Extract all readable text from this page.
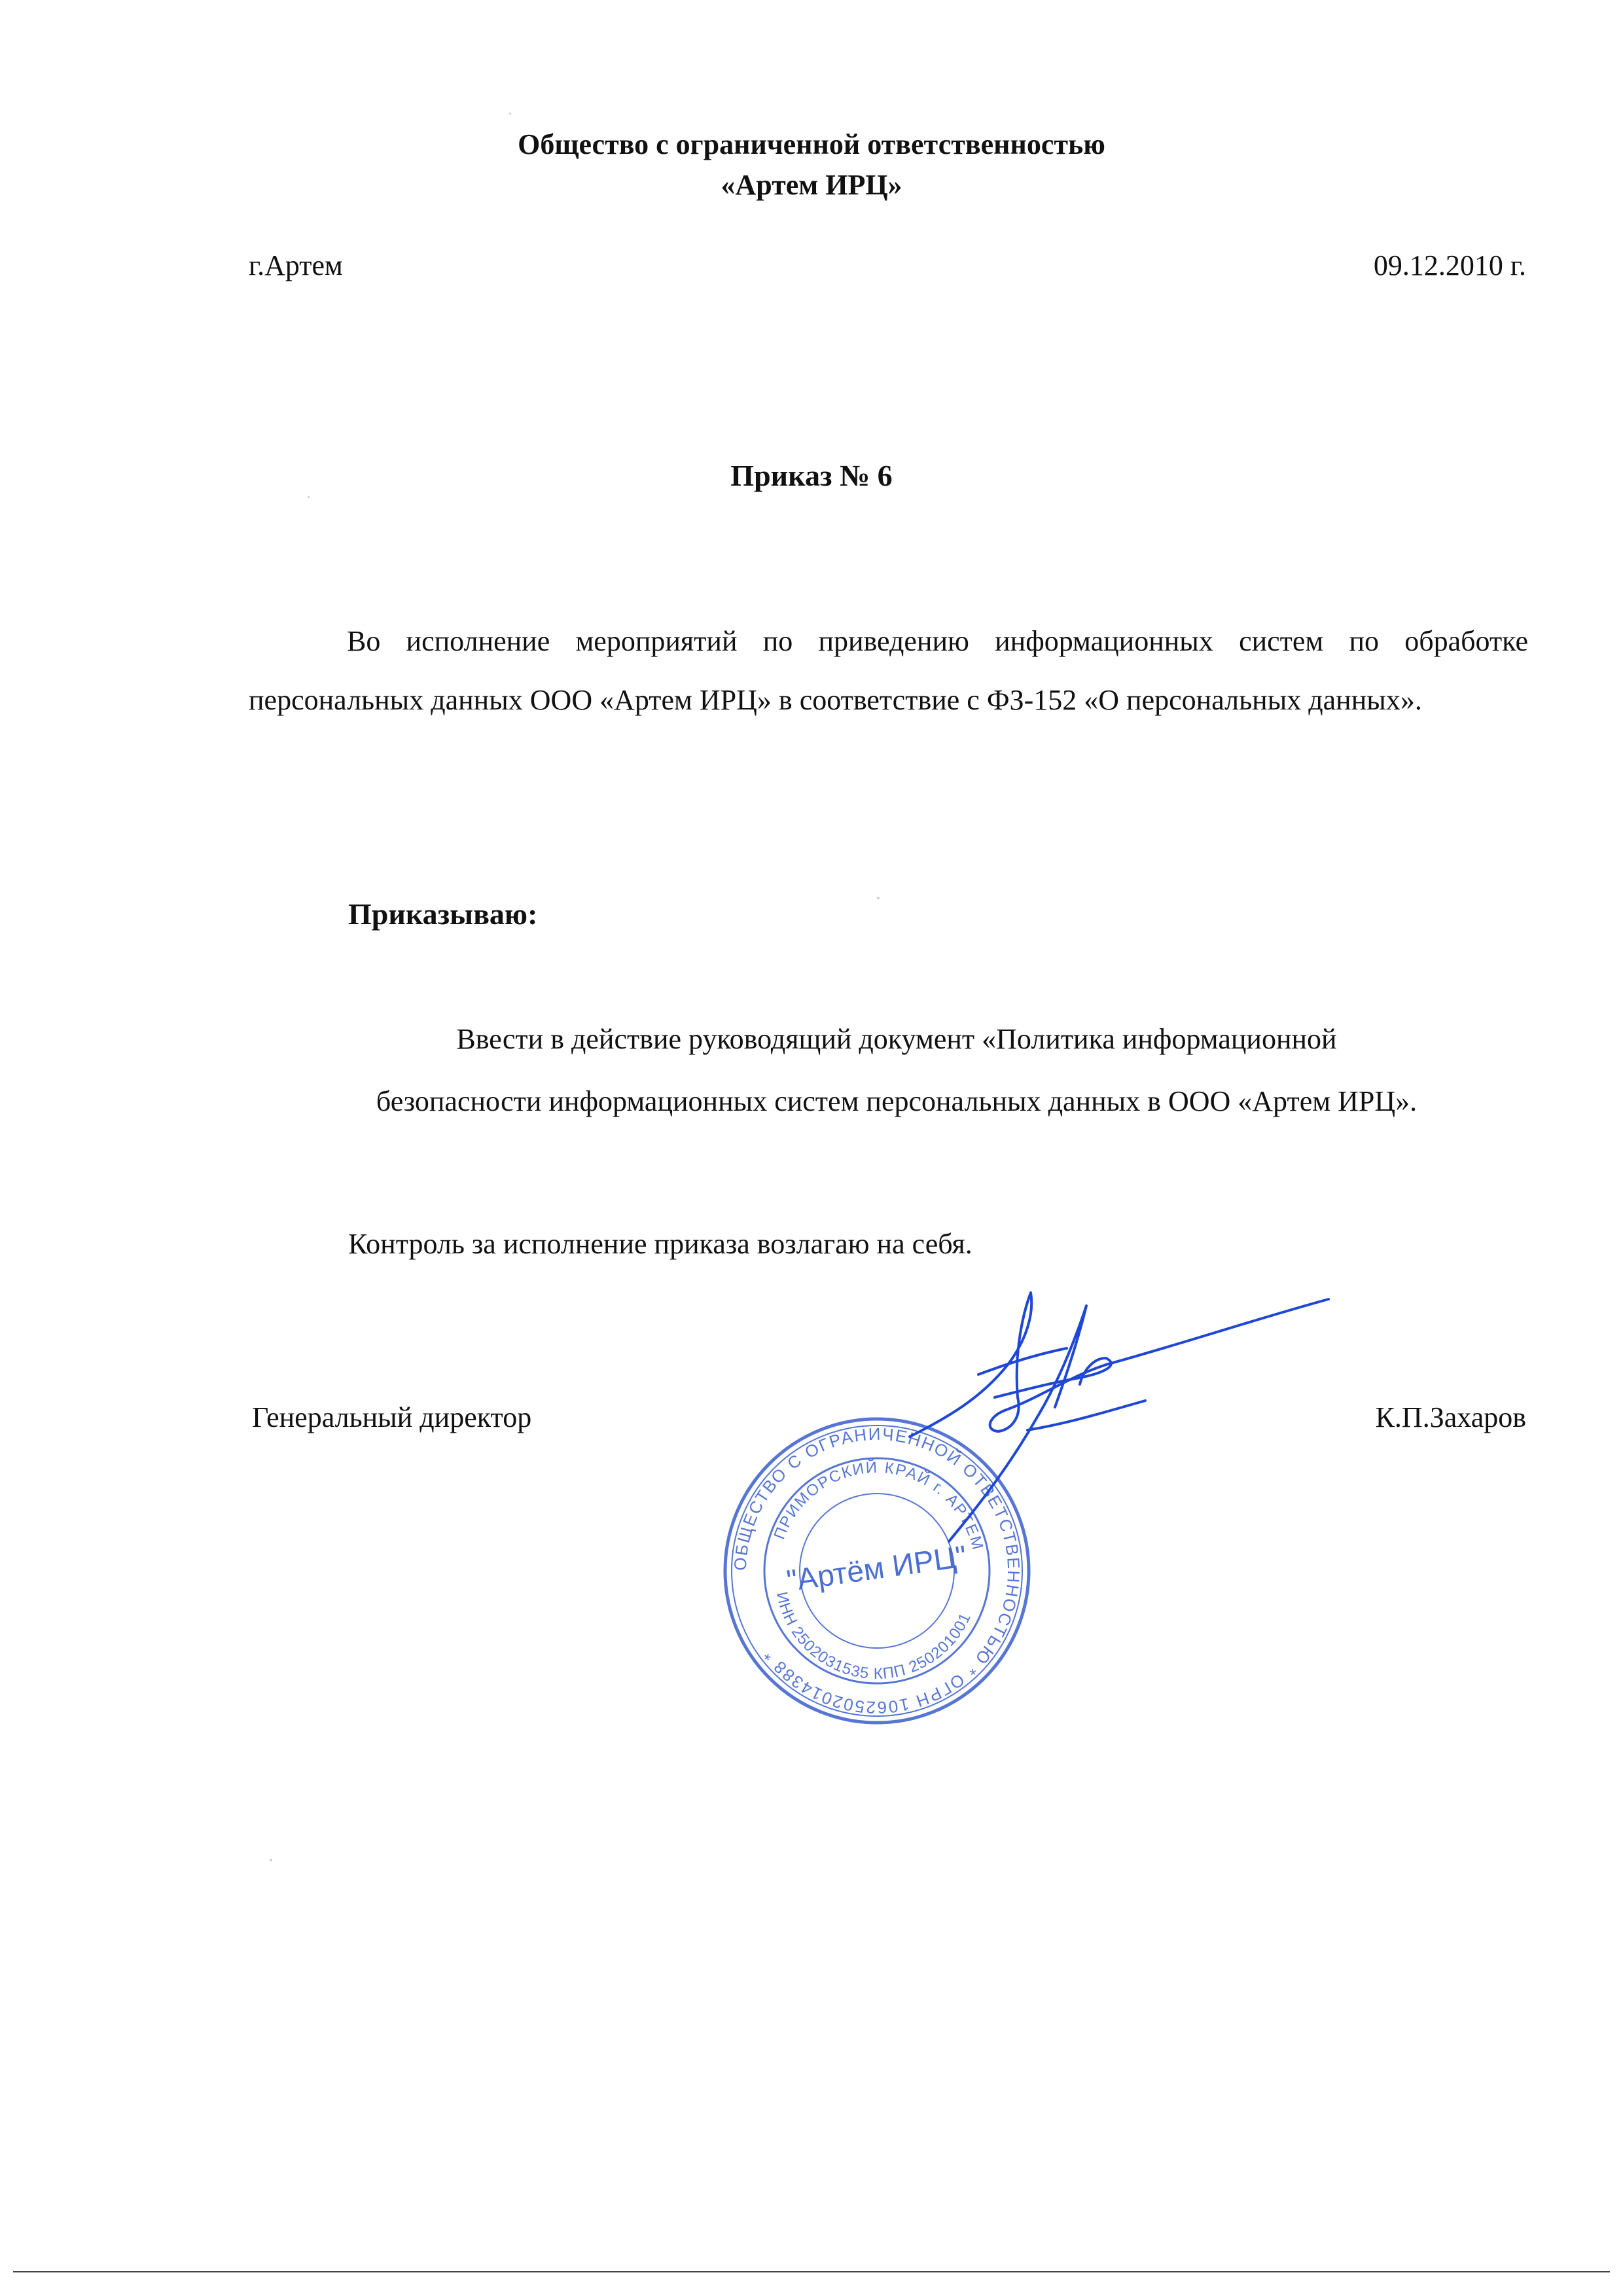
Общество с ограниченной ответственностью
«Артем ИРЦ»
г.Артем	09.12.2010 г.
Приказ № 6
Во исполнение мероприятий по приведению информационных систем по обработке персональных данных ООО «Артем ИРЦ» в соответствие с ФЗ-152 «О персональных данных».
Приказываю:
Ввести в действие руководящий документ «Политика информационной
безопасности информационных систем персональных данных в ООО «Артем ИРЦ».
Контроль за исполнение приказа возлагаю на себя.
Генеральный директор	К.П.Захаров
ОБЩЕСТВО С ОГРАНИЧЕННОЙ ОТВЕТСТВЕННОСТЬЮ * ОГРН 1062502014388 *
ПРИМОРСКИЙ КРАЙ г. АРТЕМ
ИНН 2502031535 КПП 250201001
"Артём ИРЦ"
